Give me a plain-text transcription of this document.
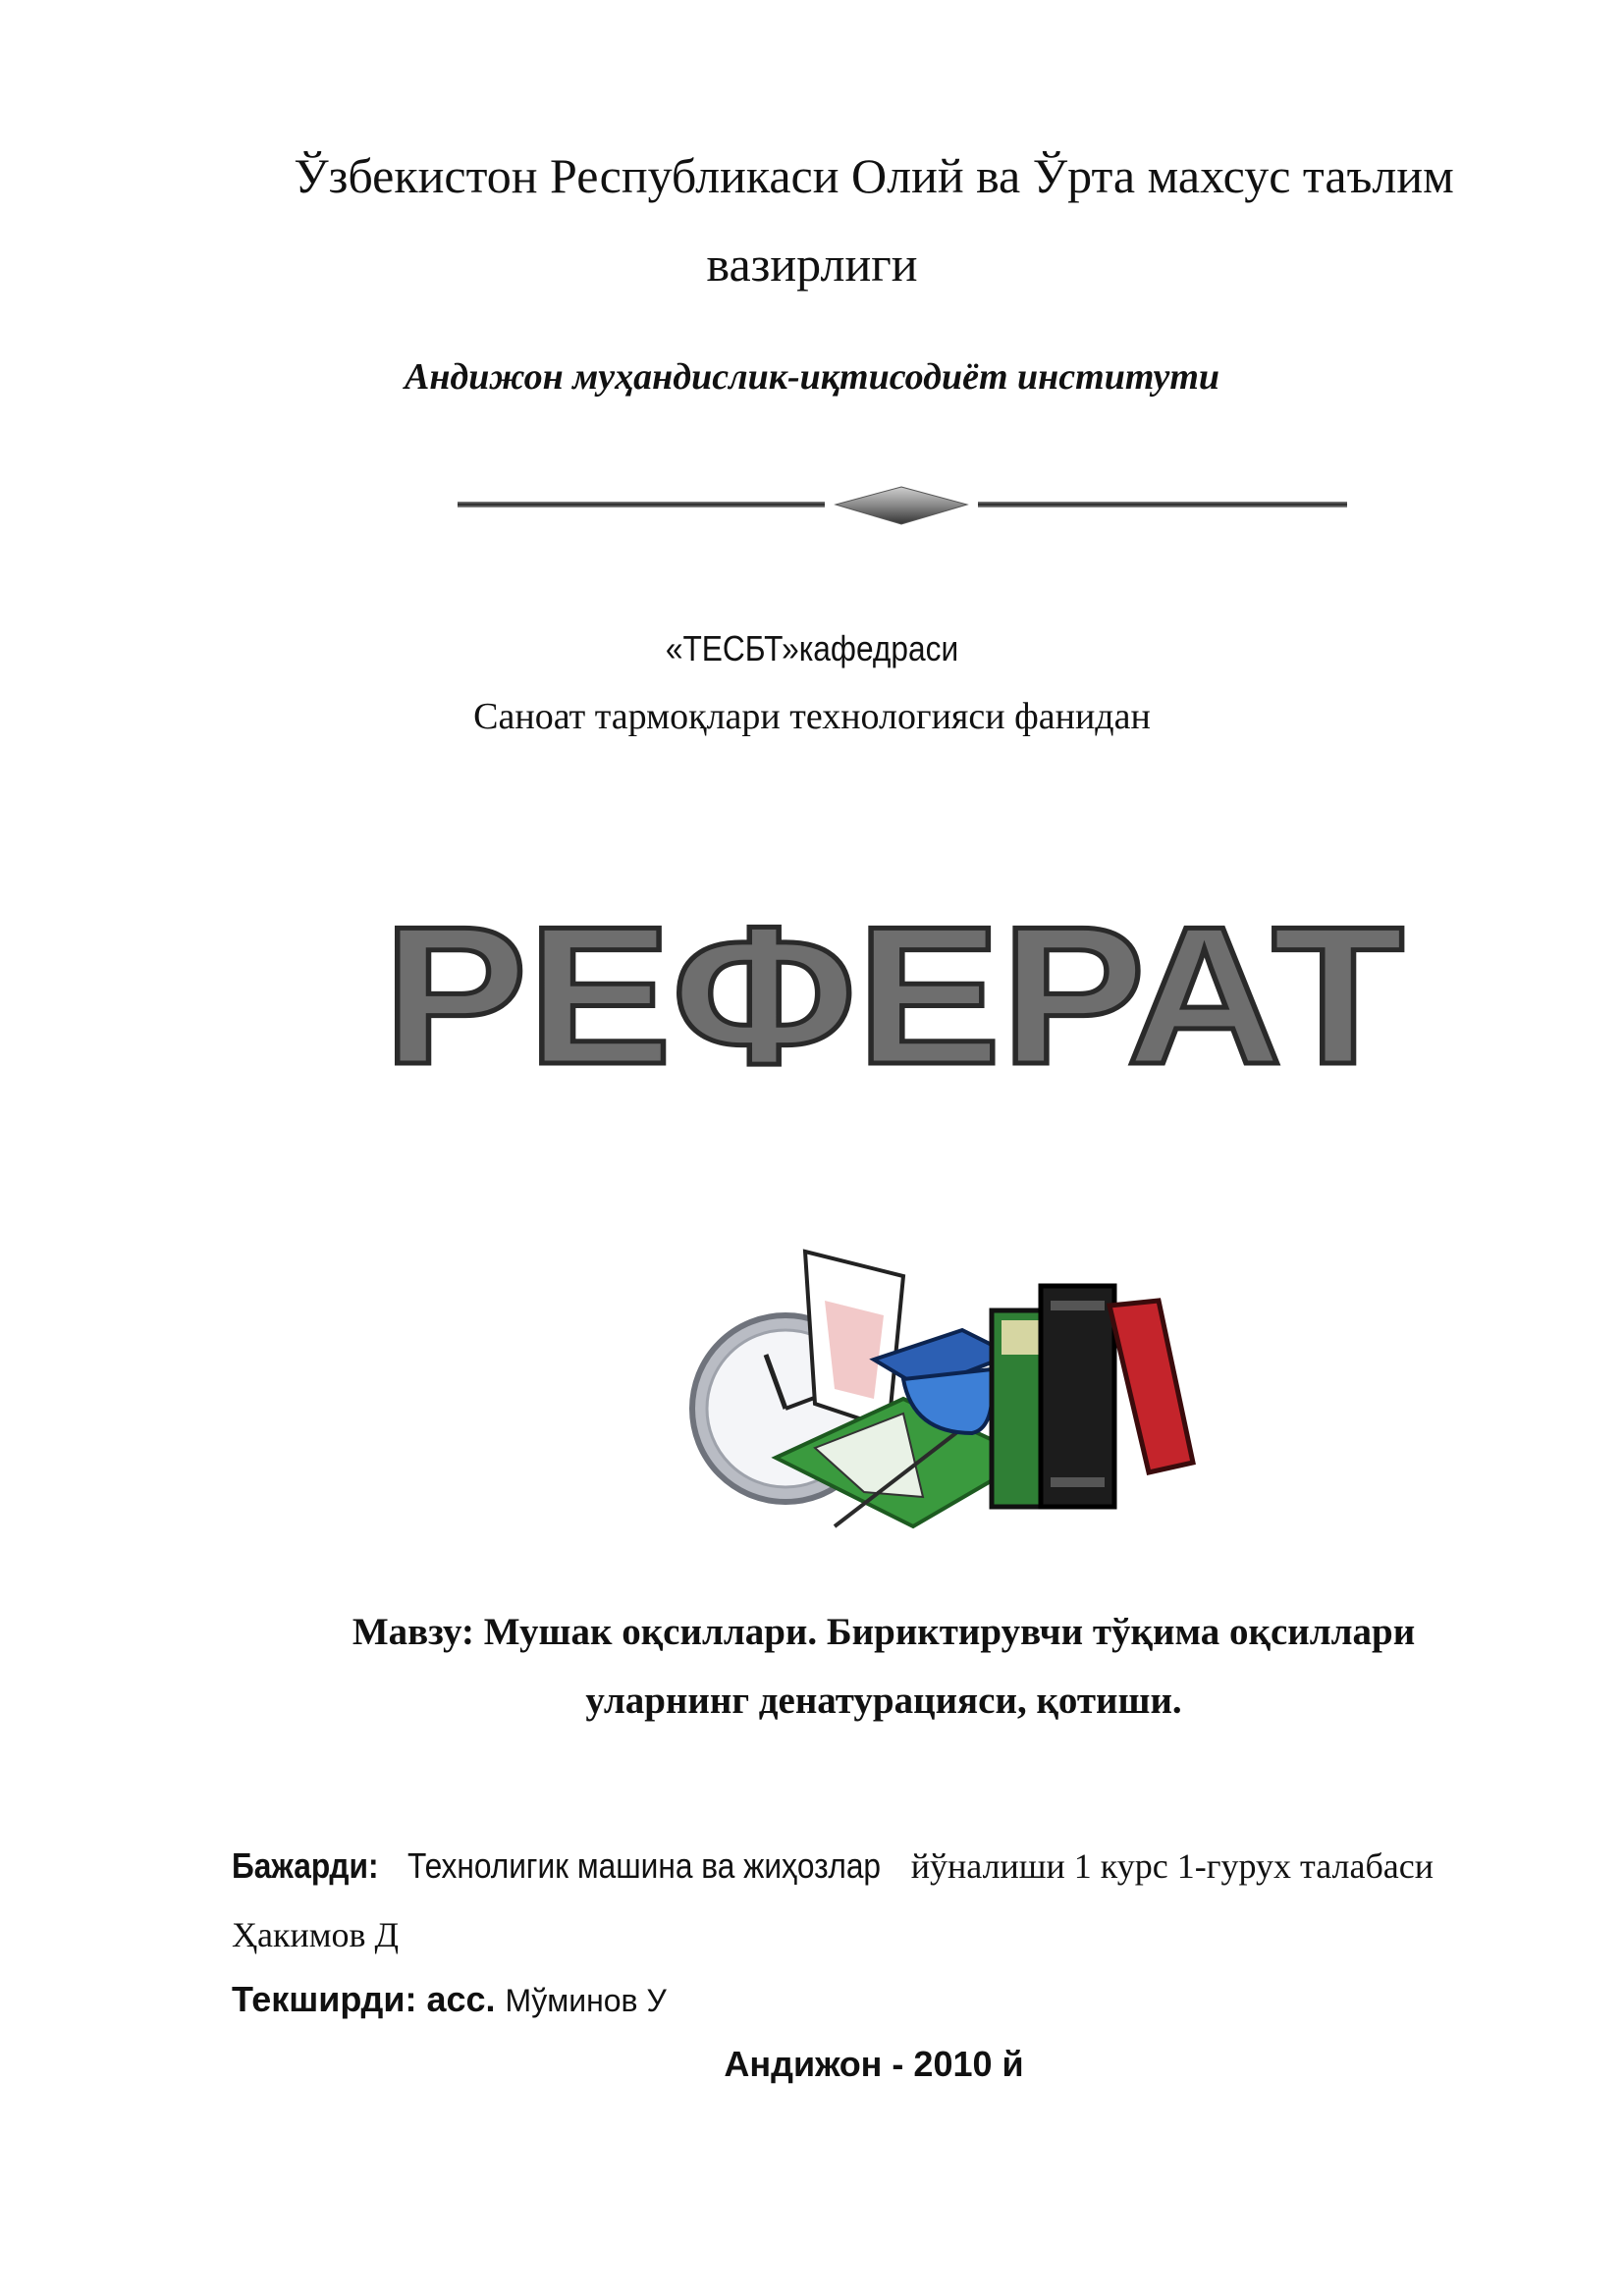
Ўзбекистон Республикаси Олий ва Ўрта махсус таълим
вазирлиги
Андижон муҳандислик-иқтисодиёт институти
«ТЕСБТ»кафедраси
Саноат тармоқлари технологияси фанидан
РЕФЕРАТ
Мавзу: Мушак оқсиллари. Бириктирувчи тўқима оқсиллари
уларнинг денатурацияси, қотиши.
Бажарди: Технолигик машина ва жиҳозлар йўналиши 1 курс 1-гурух талабаси
Ҳакимов Д
Текширди: асс. Мўминов У
Андижон - 2010 й
